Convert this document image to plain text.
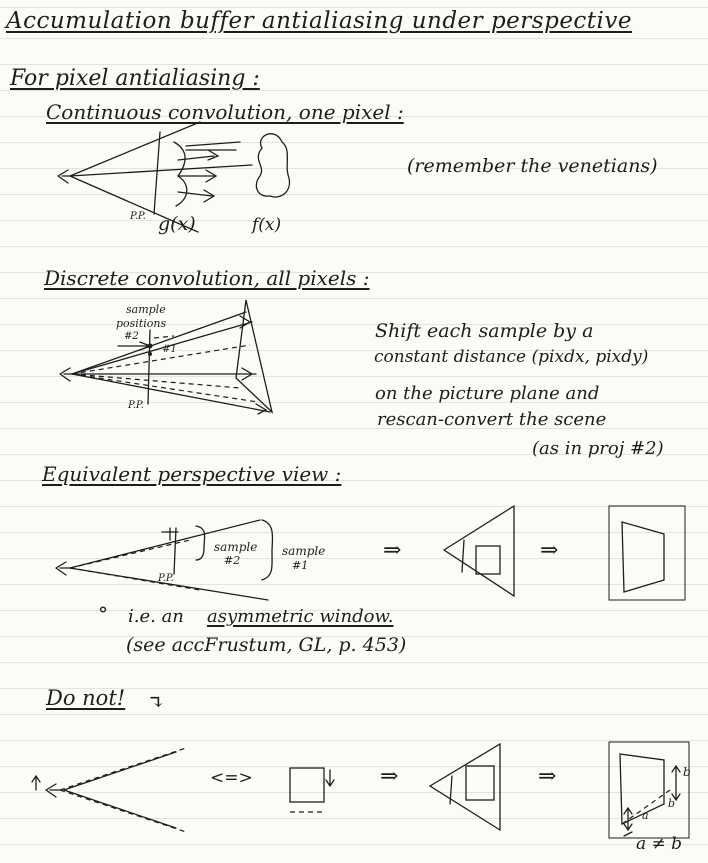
Accumulation buffer antialiasing under perspective
For pixel antialiasing :
Continuous convolution, one pixel :
(remember the venetians)
P.P. g(x)	f(x)
Discrete convolution, all pixels :
sample
positions
#2
#1
P.P.
Shift each sample by a
constant distance (pixdx, pixdy)
on the picture plane and
rescan-convert the scene
(as in proj #2)
Equivalent perspective view :
sample
#2
sample
#1
P.P.
⇒	⇒
° i.e. an asymmetric window.
(see accFrustum, GL, p. 453)
Do not! ↴
<=>	⇒	⇒	b
b
a
a ≠ b
